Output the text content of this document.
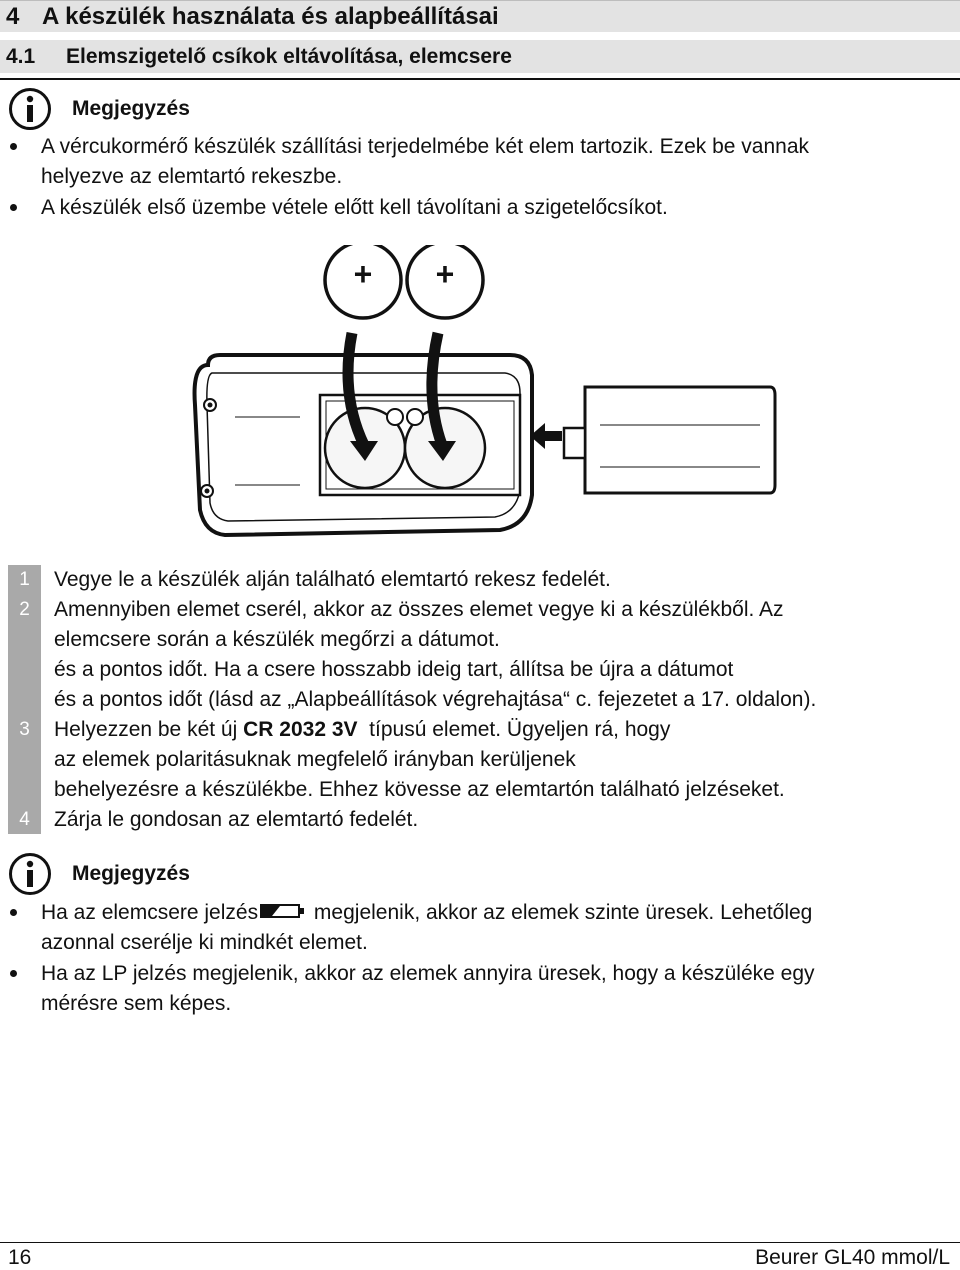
4 A készülék használata és alapbeállításai
4.1	Elemszigetelő csíkok eltávolítása, elemcsere
Megjegyzés
A vércukormérő készülék szállítási terjedelmébe két elem tartozik. Ezek be vannak
helyezve az elemtartó rekeszbe.
A készülék első üzembe vétele előtt kell távolítani a szigetelőcsíkot.
+ +
1	Vegye le a készülék alján található elemtartó rekesz fedelét.
2	Amennyiben elemet cserél, akkor az összes elemet vegye ki a készülékből. Az
elemcsere során a készülék megőrzi a dátumot.
és a pontos időt. Ha a csere hosszabb ideig tart, állítsa be újra a dátumot
és a pontos időt (lásd az „Alapbeállítások végrehajtása“ c. fejezetet a 17. oldalon).
3	Helyezzen be két új CR 2032 3V  típusú elemet. Ügyeljen rá, hogy
az elemek polaritásuknak megfelelő irányban kerüljenek
behelyezésre a készülékbe. Ehhez kövesse az elemtartón található jelzéseket.
4	Zárja le gondosan az elemtartó fedelét.
Megjegyzés
Ha az elemcsere jelzés megjelenik, akkor az elemek szinte üresek. Lehetőleg
azonnal cserélje ki mindkét elemet.
Ha az LP jelzés megjelenik, akkor az elemek annyira üresek, hogy a készüléke egy
mérésre sem képes.
16	Beurer GL40 mmol/L
